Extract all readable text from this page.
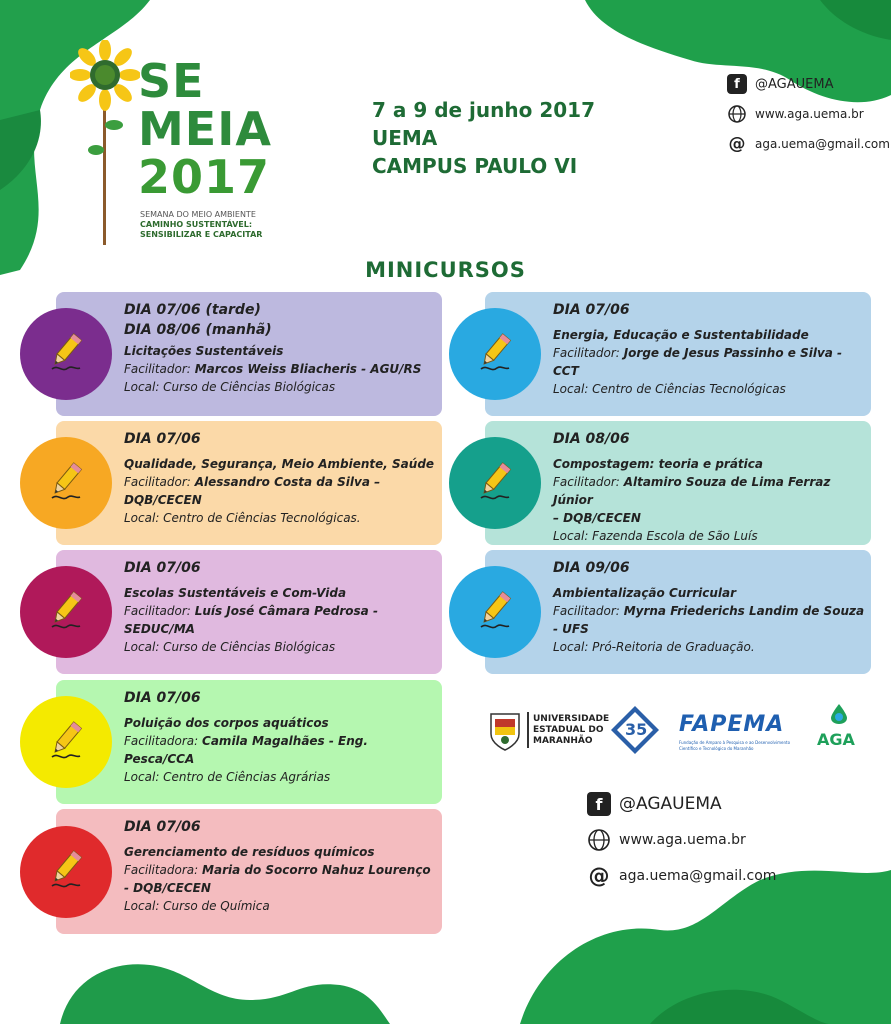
SE
MEIA
2017
SEMANA DO MEIO AMBIENTE
CAMINHO SUSTENTÁVEL:
SENSIBILIZAR E CAPACITAR
7 a 9 de junho 2017
UEMA
CAMPUS PAULO VI
f	@AGAUEMA
www.aga.uema.br
@ aga.uema@gmail.com
MINICURSOS
DIA 07/06 (tarde)
DIA 08/06 (manhã)
Licitações Sustentáveis
Facilitador: Marcos Weiss Bliacheris - AGU/RS
Local: Curso de Ciências Biológicas
DIA 07/06
Qualidade, Segurança, Meio Ambiente, Saúde
Facilitador: Alessandro Costa da Silva – DQB/CECEN
Local: Centro de Ciências Tecnológicas.
DIA 07/06
Escolas Sustentáveis e Com-Vida
Facilitador: Luís José Câmara Pedrosa - SEDUC/MA
Local: Curso de Ciências Biológicas
DIA 07/06
Poluição dos corpos aquáticos
Facilitadora: Camila Magalhães - Eng. Pesca/CCA
Local: Centro de Ciências Agrárias
DIA 07/06
Gerenciamento de resíduos químicos
Facilitadora: Maria do Socorro Nahuz Lourenço
- DQB/CECEN
Local: Curso de Química
DIA 07/06
Energia, Educação e Sustentabilidade
Facilitador: Jorge de Jesus Passinho e Silva - CCT
Local: Centro de Ciências Tecnológicas
DIA 08/06
Compostagem: teoria e prática
Facilitador: Altamiro Souza de Lima Ferraz Júnior
– DQB/CECEN
Local: Fazenda Escola de São Luís
DIA 09/06
Ambientalização Curricular
Facilitador: Myrna Friederichs Landim de Souza
- UFS
Local: Pró-Reitoria de Graduação.
UNIVERSIDADE
ESTADUAL DO
MARANHÃO
35 FAPEMA
Fundação de Amparo à Pesquisa e ao Desenvolvimento
Científico e Tecnológico do Maranhão	AGA
f @AGAUEMA
www.aga.uema.br
@ aga.uema@gmail.com
